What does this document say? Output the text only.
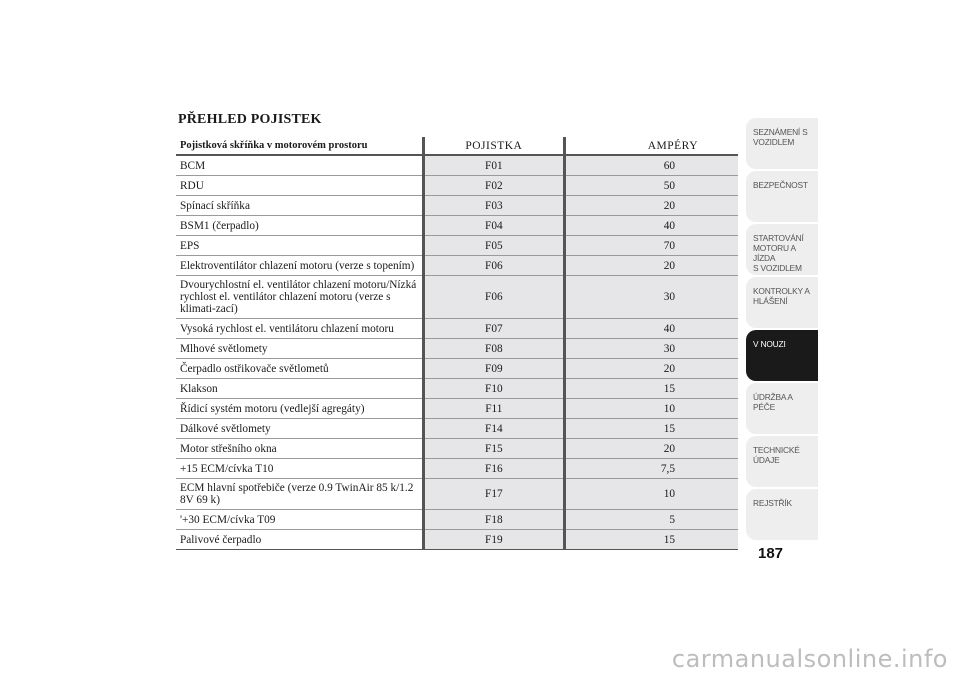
PŘEHLED POJISTEK
Pojistková skříňka v motorovém prostoru	POJISTKA	AMPÉRY
BCM	F01	60
RDU	F02	50
Spínací skříňka	F03	20
BSM1 (čerpadlo)	F04	40
EPS	F05	70
Elektroventilátor chlazení motoru (verze s topením)	F06	20
Dvourychlostní el. ventilátor chlazení motoru/Nízká rychlost el. ventilátor chlazení motoru (verze s klimati-zací)	F06	30
Vysoká rychlost el. ventilátoru chlazení motoru	F07	40
Mlhové světlomety	F08	30
Čerpadlo ostřikovače světlometů	F09	20
Klakson	F10	15
Řídicí systém motoru (vedlejší agregáty)	F11	10
Dálkové světlomety	F14	15
Motor střešního okna	F15	20
+15 ECM/cívka T10	F16	7,5
ECM hlavní spotřebiče (verze 0.9 TwinAir 85 k/1.2 8V 69 k)	F17	10
'+30 ECM/cívka T09	F18	5
Palivové čerpadlo	F19	15
SEZNÁMENÍ S
VOZIDLEM
BEZPEČNOST
STARTOVÁNÍ
MOTORU A JÍZDA
S VOZIDLEM
KONTROLKY A
HLÁŠENÍ
V NOUZI
ÚDRŽBA A PÉČE
TECHNICKÉ
ÚDAJE
REJSTŘÍK
187
carmanualsonline.info
